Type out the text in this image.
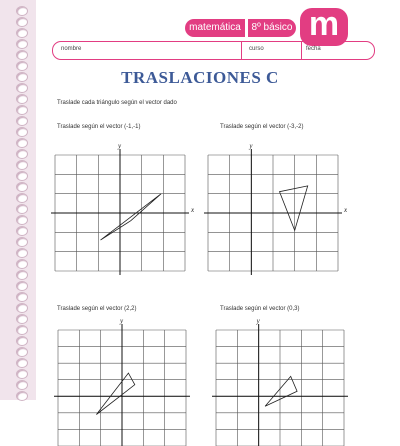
matemática	8º básico m
nombre	curso	fecha
TRASLACIONES C
Traslade cada triángulo según el vector dado
Traslade según el vector (-1,-1)	Traslade según el vector (-3,-2)
Traslade según el vector (2,2)	Traslade según el vector (0,3)
x
y
x
y
y	y
